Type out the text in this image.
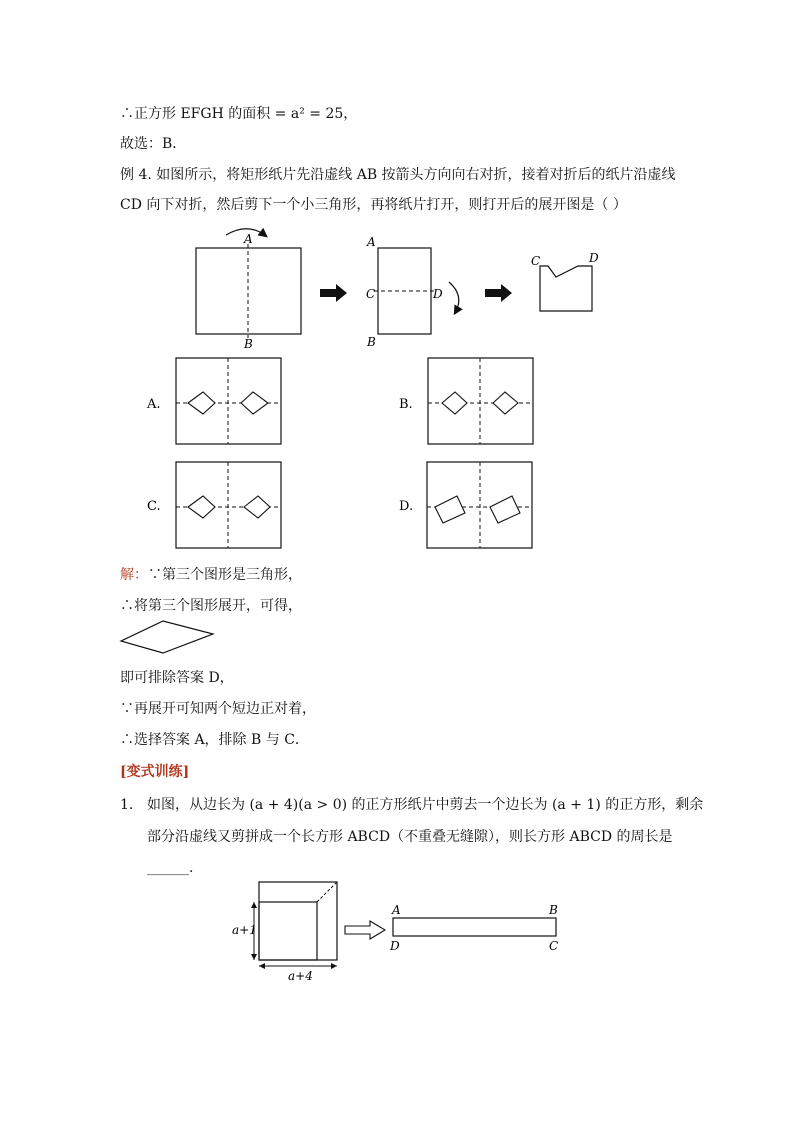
∴正方形 EFGH 的面积 = a² = 25，
故选：B．
例 4. 如图所示，将矩形纸片先沿虚线 AB 按箭头方向向右对折，接着对折后的纸片沿虚线
CD 向下对折，然后剪下一个小三角形，再将纸片打开，则打开后的展开图是（ ）
A
B
A
B
C	D
C	D
A.	B.
C.	D.
解：∵第三个图形是三角形，
∴将第三个图形展开，可得，
即可排除答案 D，
∵再展开可知两个短边正对着，
∴选择答案 A，排除 B 与 C．
[变式训练]
1. 如图，从边长为 (a + 4)(a > 0) 的正方形纸片中剪去一个边长为 (a + 1) 的正方形，剩余
部分沿虚线又剪拼成一个长方形 ABCD（不重叠无缝隙），则长方形 ABCD 的周长是
______.
a+1
a+4
A	B
D	C
